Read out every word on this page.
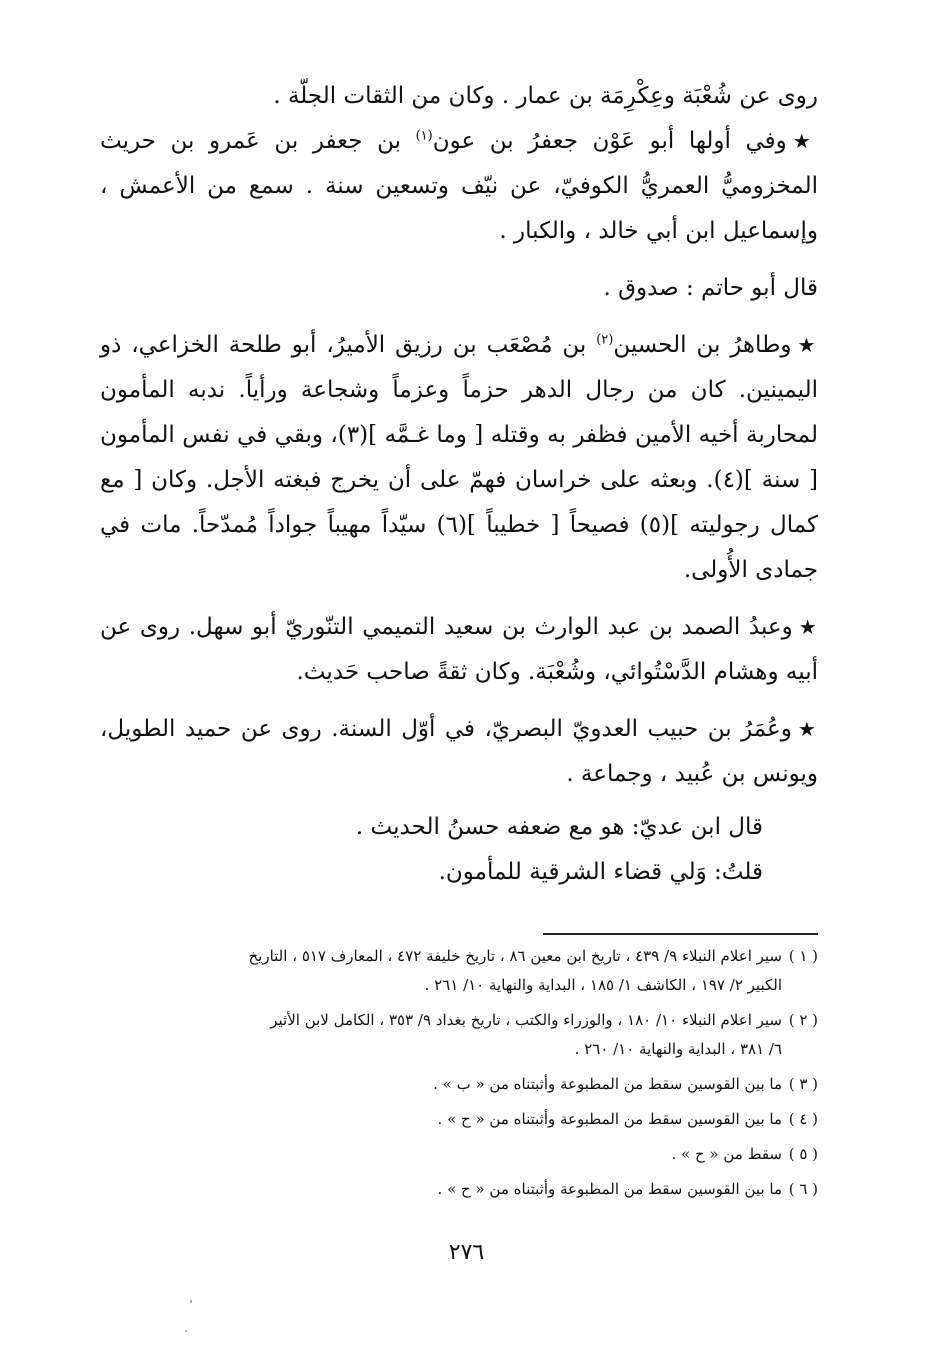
روى عن شُعْبَة وعِكْرِمَة بن عمار . وكان من الثقات الجلّة .

★وفي أولها أبو عَوْن جعفرُ بن عون$^{(١)}$ بن جعفر بن عَمرو بن حريث المخزوميُّ العمريُّ الكوفيّ، عن نيّف وتسعين سنة . سمع من الأعمش ، وإسماعيل ابن أبي خالد ، والكبار .

قال أبو حاتم : صدوق .

★وطاهرُ بن الحسين$^{(٢)}$ بن مُصْعَب بن رزيق الأميرُ، أبو طلحة الخزاعي، ذو اليمينين. كان من رجال الدهر حزماً وعزماً وشجاعة ورأياً. ندبه المأمون لمحاربة أخيه الأمين فظفر به وقتله [ وما غـمَّه ](٣)، وبقي في نفس المأمون [ سنة ](٤). وبعثه على خراسان فهمّ على أن يخرج فبغته الأجل. وكان [ مع كمال رجوليته ](٥) فصيحاً [ خطيباً ](٦) سيّداً مهيباً جواداً مُمدّحاً. مات في جمادى الأُولى.

★وعبدُ الصمد بن عبد الوارث بن سعيد التميمي التنّوريّ أبو سهل. روى عن أبيه وهشام الدَّسْتُوائي، وشُعْبَة. وكان ثقةً صاحب حَديث.

★وعُمَرُ بن حبيب العدويّ البصريّ، في أوّل السنة. روى عن حميد الطويل، ويونس بن عُبيد ، وجماعة .

قال ابن عديّ: هو مع ضعفه حسنُ الحديث .

قلتُ: وَلي قضاء الشرقية للمأمون.

( ١ )سير اعلام النبلاء ٩/ ٤٣٩ ، تاريخ ابن معين ٨٦ ، تاريخ خليفة ٤٧٢ ، المعارف ٥١٧ ، التاريخ
الكبير ٢/ ١٩٧ ، الكاشف ١/ ١٨٥ ، البداية والنهاية ١٠/ ٢٦١ .
( ٢ )سير اعلام النبلاء ١٠/ ١٨٠ ، والوزراء والكتب ، تاريخ بغداد ٩/ ٣٥٣ ، الكامل لابن الأثير
٦/ ٣٨١ ، البداية والنهاية ١٠/ ٢٦٠ .
( ٣ )ما بين القوسين سقط من المطبوعة وأثبتناه من « ب » .
( ٤ )ما بين القوسين سقط من المطبوعة وأثبتناه من « ح » .
( ٥ )سقط من « ح » .
( ٦ )ما بين القوسين سقط من المطبوعة وأثبتناه من « ح » .
٢٧٦
